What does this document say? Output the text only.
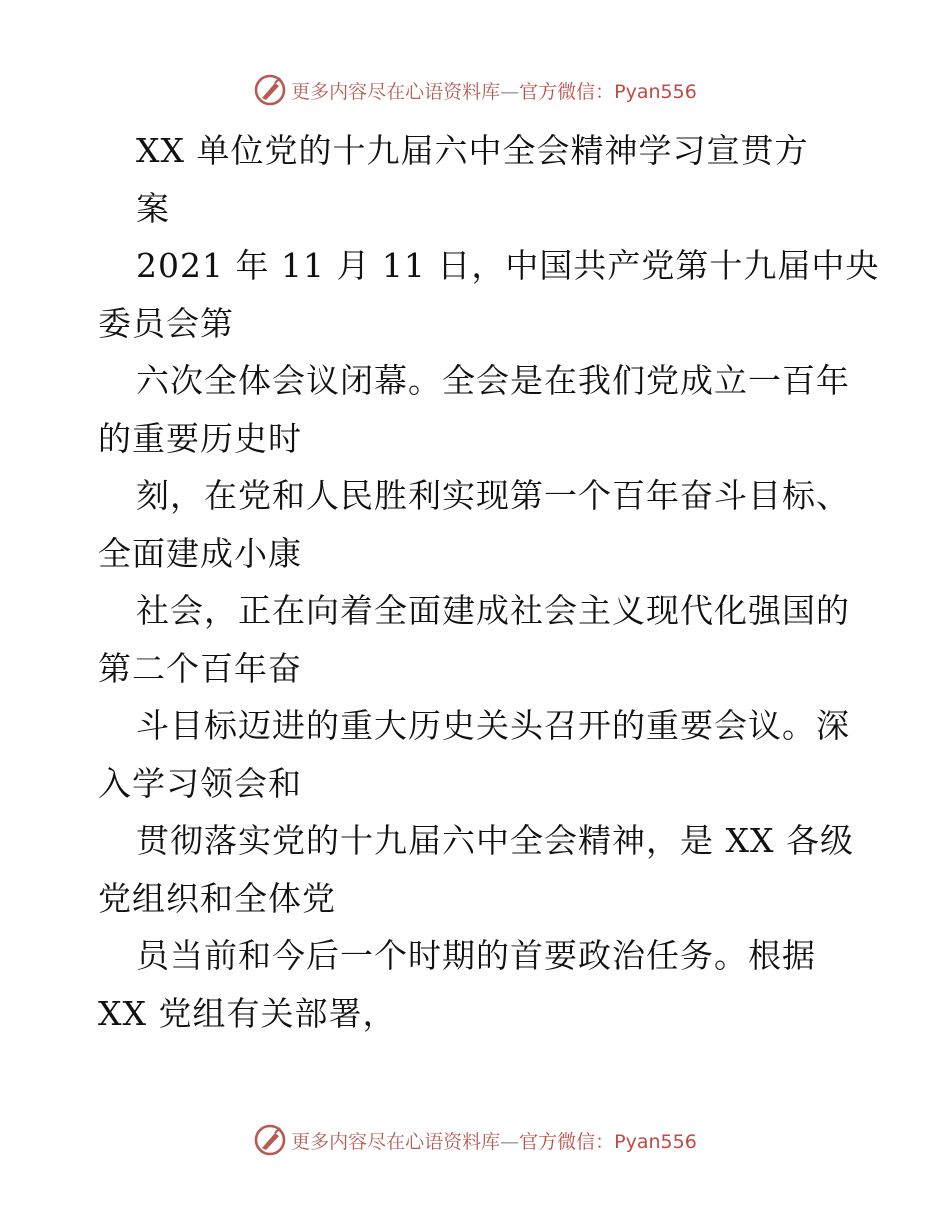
更多内容尽在心语资料库—官方微信：Pyan556
XX 单位党的十九届六中全会精神学习宣贯方
案
2021 年 11 月 11 日，中国共产党第十九届中央
委员会第
六次全体会议闭幕。全会是在我们党成立一百年
的重要历史时
刻，在党和人民胜利实现第一个百年奋斗目标、
全面建成小康
社会，正在向着全面建成社会主义现代化强国的
第二个百年奋
斗目标迈进的重大历史关头召开的重要会议。深
入学习领会和
贯彻落实党的十九届六中全会精神，是 XX 各级
党组织和全体党
员当前和今后一个时期的首要政治任务。根据
XX 党组有关部署，
更多内容尽在心语资料库—官方微信：Pyan556
